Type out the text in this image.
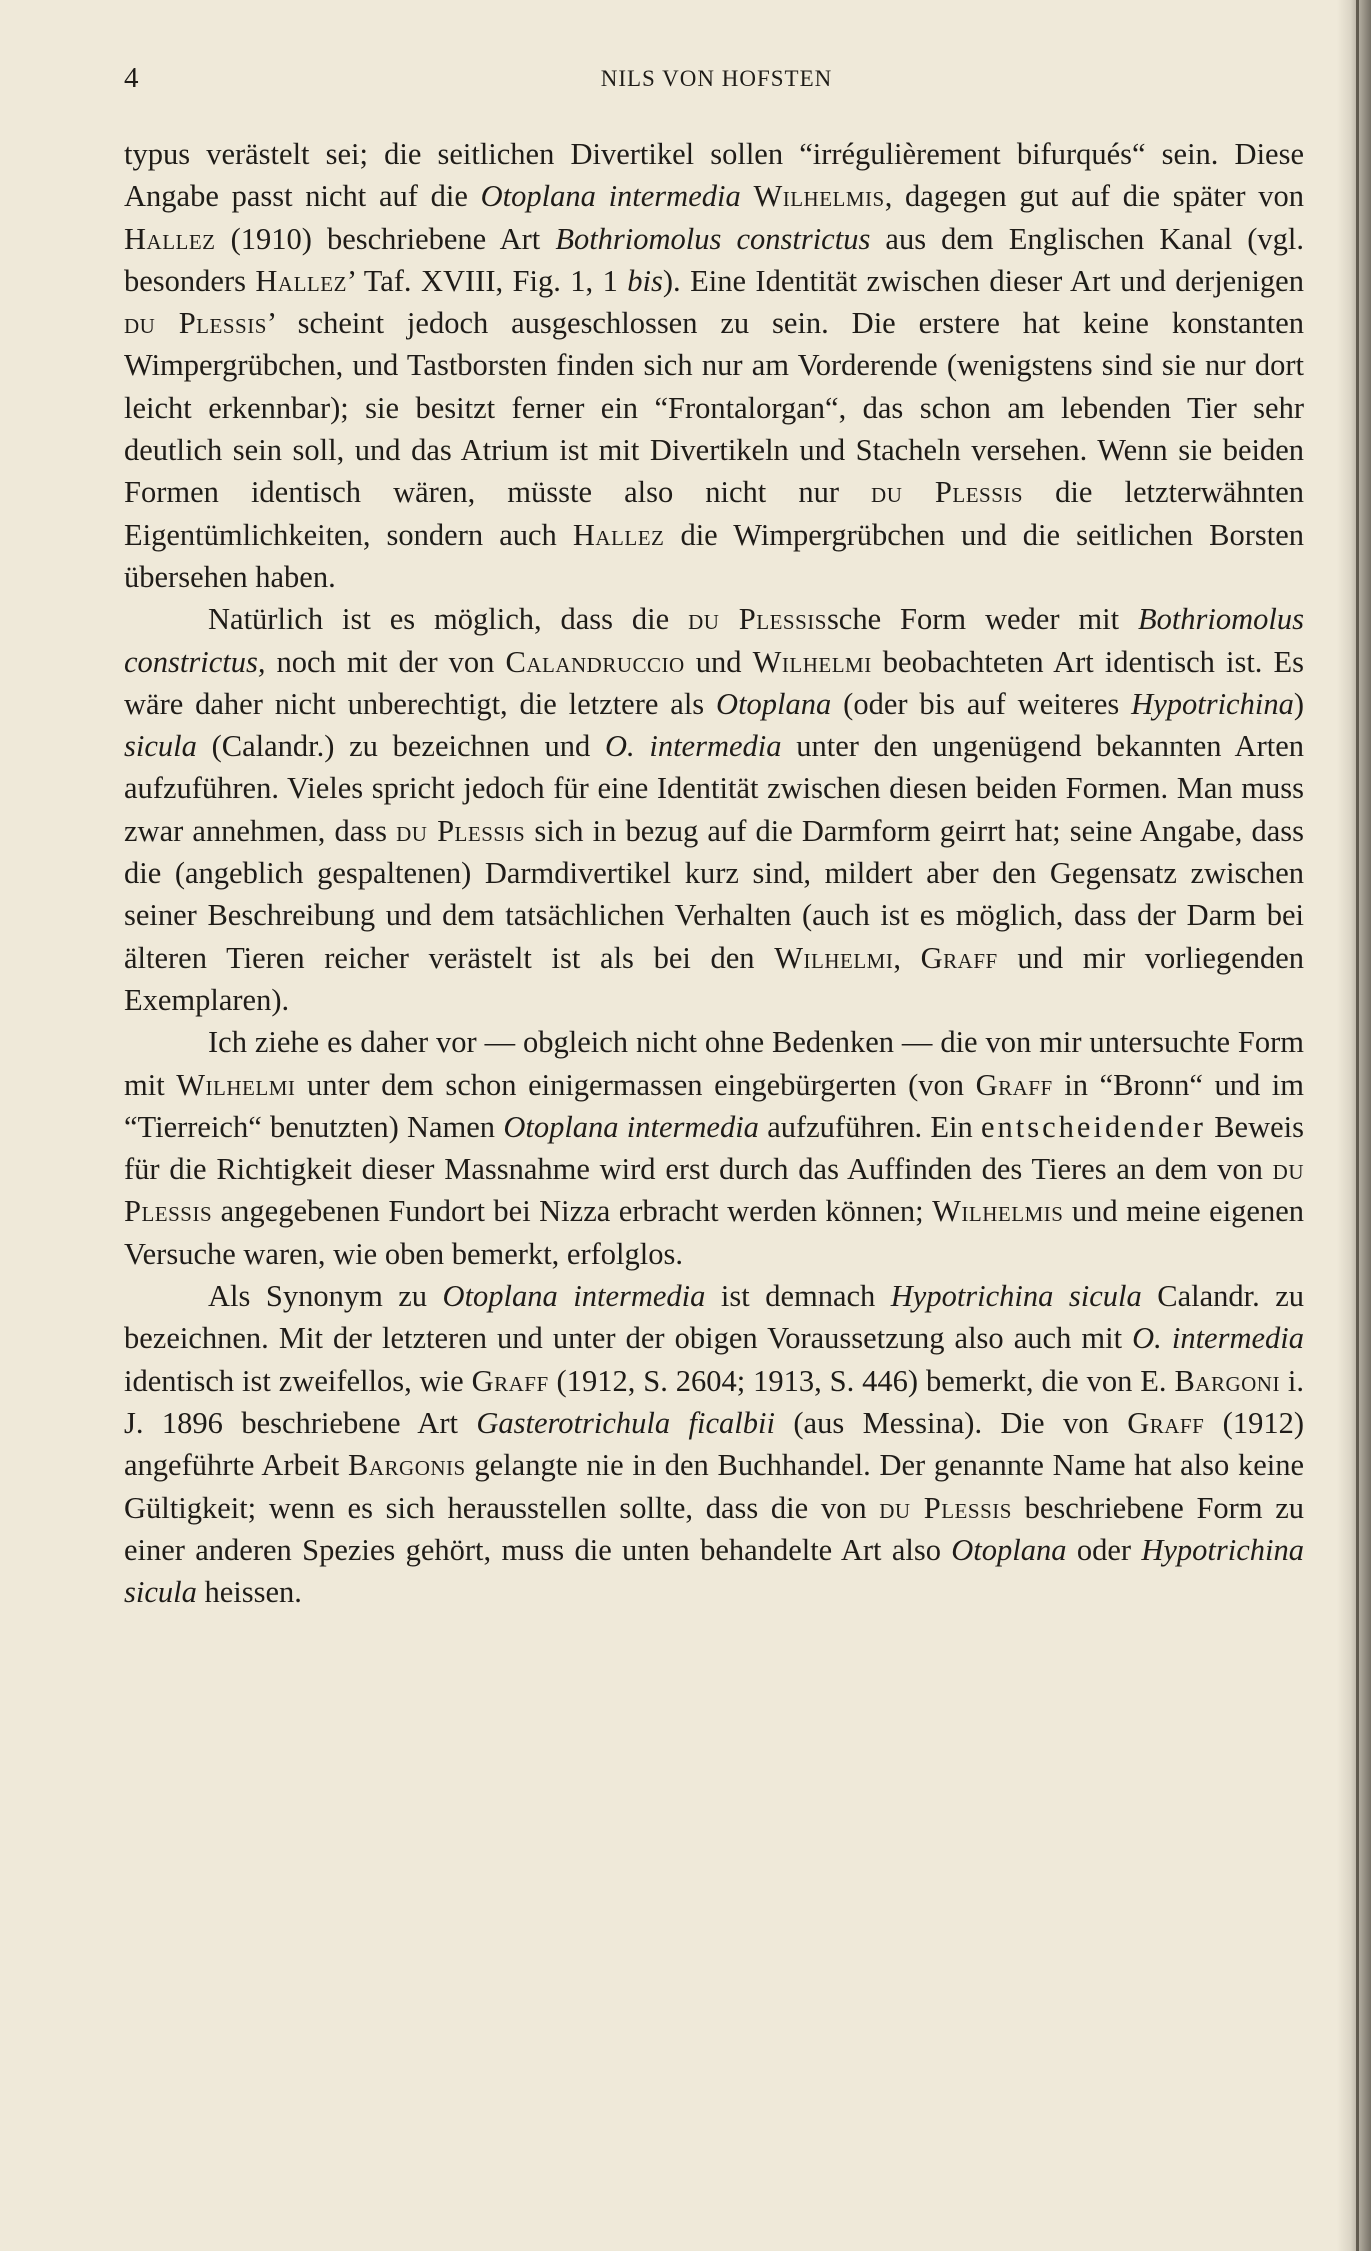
4	NILS VON HOFSTEN

typus verästelt sei; die seitlichen Divertikel sollen “irrégulièrement bifurqués“ sein. Diese Angabe passt nicht auf die Otoplana intermedia Wilhelmis, dagegen gut auf die später von Hallez (1910) beschriebene Art Bothriomolus constrictus aus dem Englischen Kanal (vgl. besonders Hallez’ Taf. XVIII, Fig. 1, 1 bis). Eine Identität zwischen dieser Art und derjenigen du Plessis’ scheint jedoch ausgeschlossen zu sein. Die erstere hat keine konstanten Wimpergrübchen, und Tastborsten finden sich nur am Vorderende (wenigstens sind sie nur dort leicht erkennbar); sie besitzt ferner ein “Frontalorgan“, das schon am lebenden Tier sehr deutlich sein soll, und das Atrium ist mit Divertikeln und Stacheln versehen. Wenn sie beiden Formen identisch wären, müsste also nicht nur du Plessis die letzterwähnten Eigentümlichkeiten, sondern auch Hallez die Wimpergrübchen und die seitlichen Borsten übersehen haben.

Natürlich ist es möglich, dass die du Plessissche Form weder mit Bothriomolus constrictus, noch mit der von Calandruccio und Wilhelmi beobachteten Art identisch ist. Es wäre daher nicht unberechtigt, die letztere als Otoplana (oder bis auf weiteres Hypotrichina) sicula (Calandr.) zu bezeichnen und O. intermedia unter den ungenügend bekannten Arten aufzuführen. Vieles spricht jedoch für eine Identität zwischen diesen beiden Formen. Man muss zwar annehmen, dass du Plessis sich in bezug auf die Darmform geirrt hat; seine Angabe, dass die (angeblich gespaltenen) Darmdivertikel kurz sind, mildert aber den Gegensatz zwischen seiner Beschreibung und dem tatsächlichen Verhalten (auch ist es möglich, dass der Darm bei älteren Tieren reicher verästelt ist als bei den Wilhelmi, Graff und mir vorliegenden Exemplaren).

Ich ziehe es daher vor — obgleich nicht ohne Bedenken — die von mir untersuchte Form mit Wilhelmi unter dem schon einigermassen eingebürgerten (von Graff in “Bronn“ und im “Tierreich“ benutzten) Namen Otoplana intermedia aufzuführen. Ein entscheidender Beweis für die Richtigkeit dieser Massnahme wird erst durch das Auffinden des Tieres an dem von du Plessis angegebenen Fundort bei Nizza erbracht werden können; Wilhelmis und meine eigenen Versuche waren, wie oben bemerkt, erfolglos.

Als Synonym zu Otoplana intermedia ist demnach Hypotrichina sicula Calandr. zu bezeichnen. Mit der letzteren und unter der obigen Voraussetzung also auch mit O. intermedia identisch ist zweifellos, wie Graff (1912, S. 2604; 1913, S. 446) bemerkt, die von E. Bargoni i. J. 1896 beschriebene Art Gasterotrichula ficalbii (aus Messina). Die von Graff (1912) angeführte Arbeit Bargonis gelangte nie in den Buchhandel. Der genannte Name hat also keine Gültigkeit; wenn es sich herausstellen sollte, dass die von du Plessis beschriebene Form zu einer anderen Spezies gehört, muss die unten behandelte Art also Otoplana oder Hypotrichina sicula heissen.
